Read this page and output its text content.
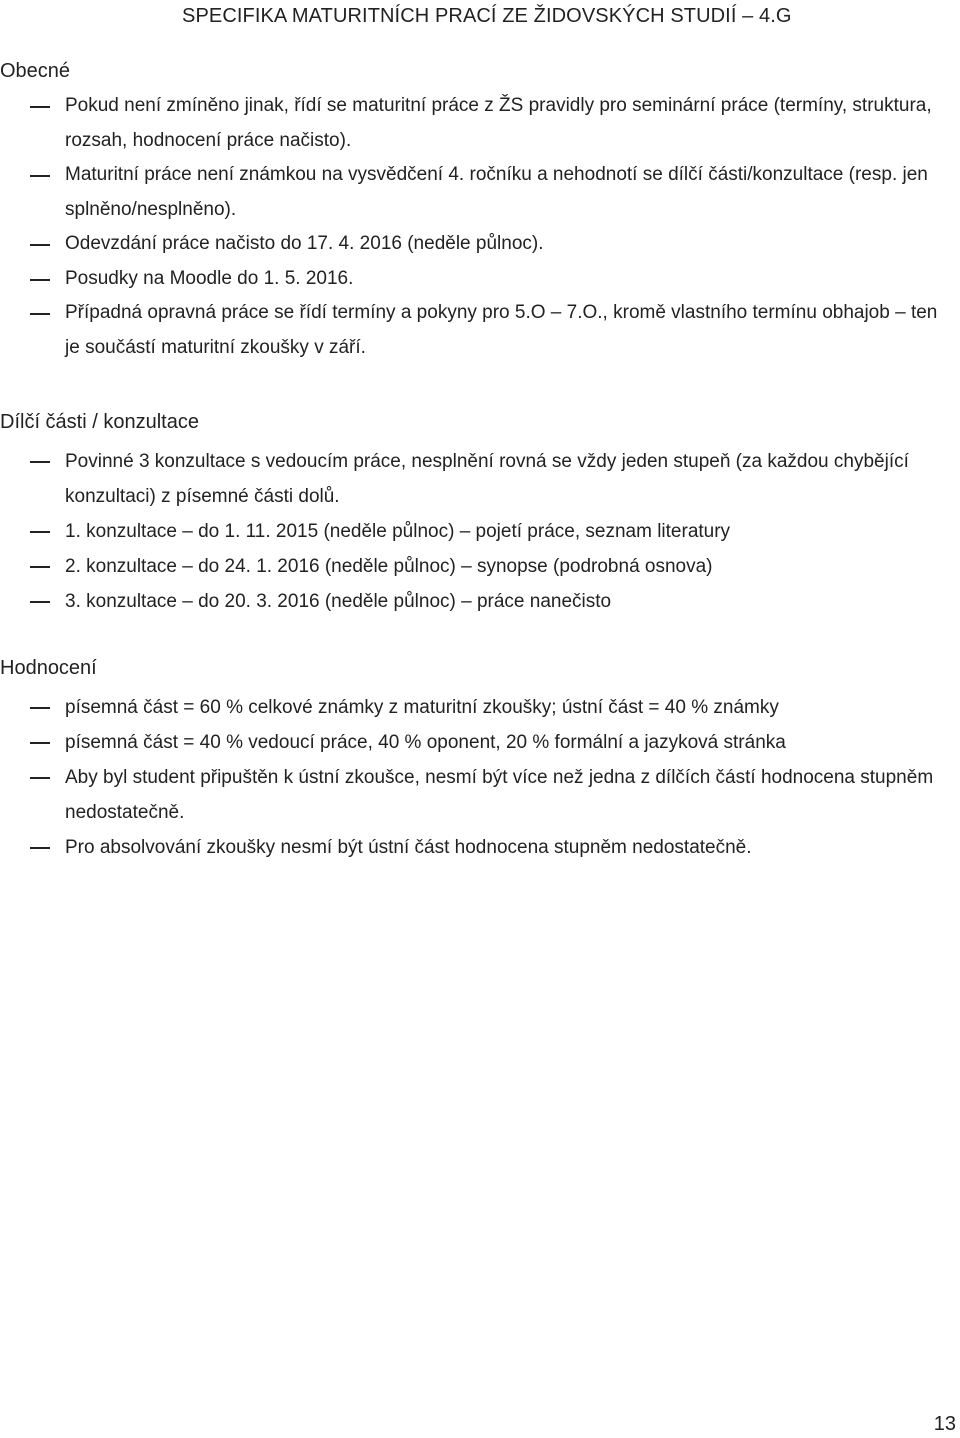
SPECIFIKA MATURITNÍCH PRACÍ ZE ŽIDOVSKÝCH STUDIÍ – 4.G
Obecné
Pokud není zmíněno jinak, řídí se maturitní práce z ŽS pravidly pro seminární práce (termíny, struktura, rozsah, hodnocení práce načisto).
Maturitní práce není známkou na vysvědčení 4. ročníku a nehodnotí se dílčí části/konzultace (resp. jen splněno/nesplněno).
Odevzdání práce načisto do 17. 4. 2016 (neděle půlnoc).
Posudky na Moodle do 1. 5. 2016.
Případná opravná práce se řídí termíny a pokyny pro 5.O – 7.O., kromě vlastního termínu obhajob – ten je součástí maturitní zkoušky v září.
Dílčí části / konzultace
Povinné 3 konzultace s vedoucím práce, nesplnění rovná se vždy jeden stupeň (za každou chybějící konzultaci) z písemné části dolů.
1. konzultace – do 1. 11. 2015 (neděle půlnoc) – pojetí práce, seznam literatury
2. konzultace – do 24. 1. 2016 (neděle půlnoc) – synopse (podrobná osnova)
3. konzultace – do 20. 3. 2016 (neděle půlnoc) – práce nanečisto
Hodnocení
písemná část = 60 % celkové známky z maturitní zkoušky; ústní část = 40 % známky
písemná část = 40 % vedoucí práce, 40 % oponent, 20 % formální a jazyková stránka
Aby byl student připuštěn k ústní zkoušce, nesmí být více než jedna z dílčích částí hodnocena stupněm nedostatečně.
Pro absolvování zkoušky nesmí být ústní část hodnocena stupněm nedostatečně.
13
